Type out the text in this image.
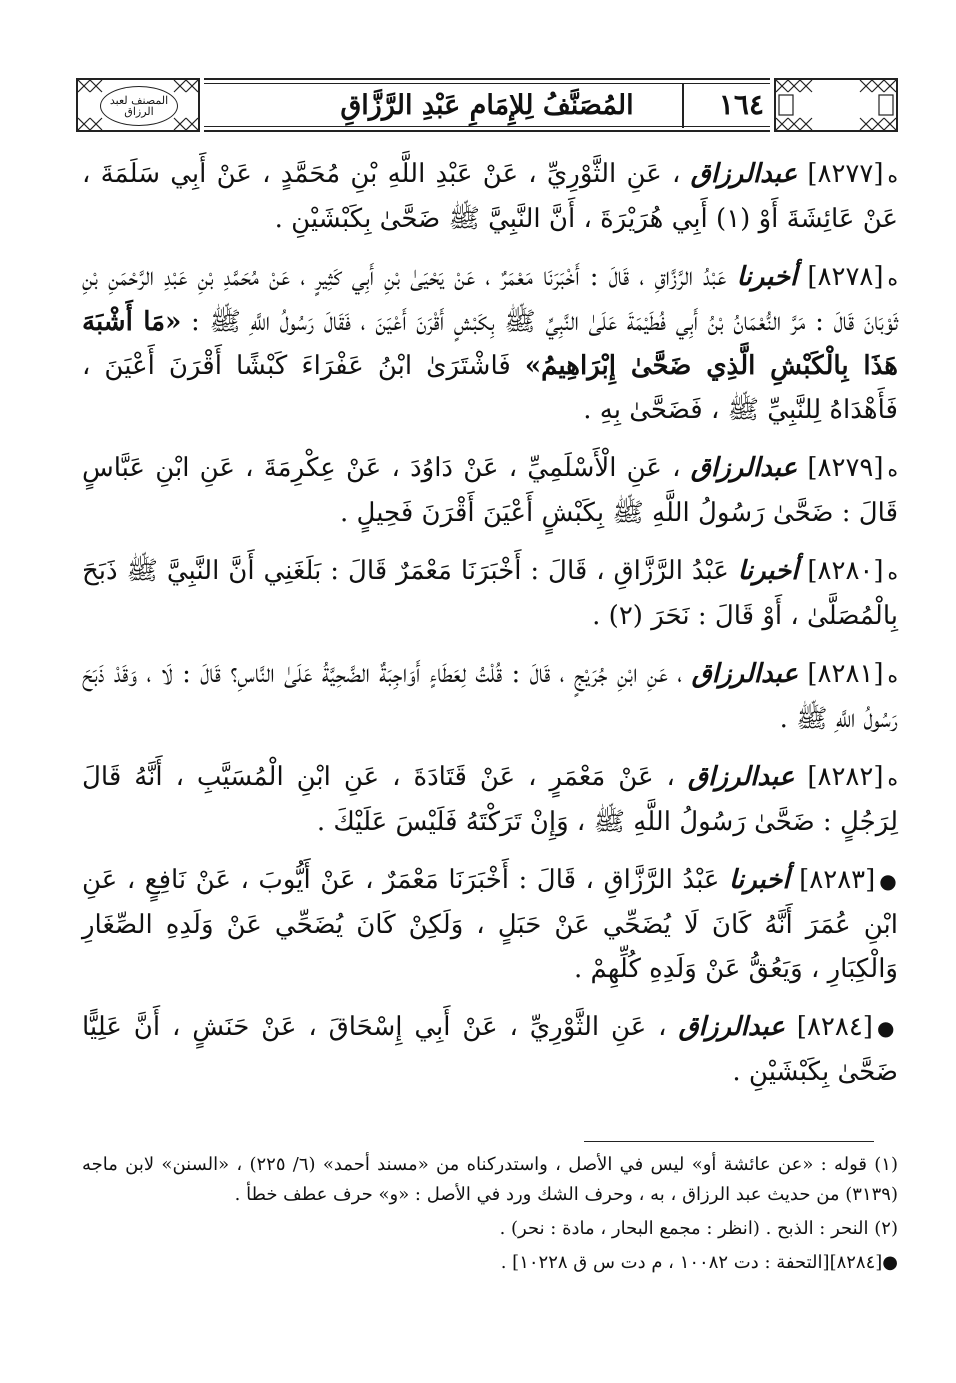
المُصَنَّفُ لِلإِمَامِ عَبْدِ الرَّزَّاقِ	١٦٤
المصنف لعبد الرزاق

ه[٨٢٧٧] عبدالرزاق ، عَنِ الثَّوْرِيِّ ، عَنْ عَبْدِ اللَّهِ بْنِ مُحَمَّدٍ ، عَنْ أَبِي سَلَمَةَ ، عَنْ عَائِشَةَ أَوْ (١) أَبِي هُرَيْرَةَ ، أَنَّ النَّبِيَّ ﷺ ضَحَّىٰ بِكَبْشَيْنِ .

ه[٨٢٧٨] أخبرنا عَبْدُ الرَّزَّاقِ ، قَالَ : أَخْبَرَنَا مَعْمَرٌ ، عَنْ يَحْيَىٰ بْنِ أَبِي كَثِيرٍ ، عَنْ مُحَمَّدِ بْنِ عَبْدِ الرَّحْمَنِ بْنِ ثَوْبَانَ قَالَ : مَرَّ النُّعْمَانُ بْنُ أَبِي فُطَيْمَةَ عَلَىٰ النَّبِيِّ ﷺ بِكَبْشٍ أَقْرَنَ أَعْيَنَ ، فَقَالَ رَسُولُ اللَّهِ ﷺ : «مَا أَشْبَهَ هَذَا بِالْكَبْشِ الَّذِي ضَحَّىٰ إِبْرَاهِيمُ» فَاشْتَرَىٰ ابْنُ عَفْرَاءَ كَبْشًا أَقْرَنَ أَعْيَنَ ، فَأَهْدَاهُ لِلنَّبِيِّ ﷺ ، فَضَحَّىٰ بِهِ .

ه[٨٢٧٩] عبدالرزاق ، عَنِ الْأَسْلَمِيِّ ، عَنْ دَاوُدَ ، عَنْ عِكْرِمَةَ ، عَنِ ابْنِ عَبَّاسٍ قَالَ : ضَحَّىٰ رَسُولُ اللَّهِ ﷺ بِكَبْشٍ أَعْيَنَ أَقْرَنَ فَحِيلٍ .

ه[٨٢٨٠] أخبرنا عَبْدُ الرَّزَّاقِ ، قَالَ : أَخْبَرَنَا مَعْمَرٌ قَالَ : بَلَغَنِي أَنَّ النَّبِيَّ ﷺ ذَبَحَ بِالْمُصَلَّىٰ ، أَوْ قَالَ : نَحَرَ (٢) .

ه[٨٢٨١] عبدالرزاق ، عَنِ ابْنِ جُرَيْجٍ ، قَالَ : قُلْتُ لِعَطَاءٍ أَوَاجِبَةٌ الضَّحِيَّةُ عَلَىٰ النَّاسِ؟ قَالَ : لَا ، وَقَدْ ذَبَحَ رَسُولُ اللَّهِ ﷺ .

ه[٨٢٨٢] عبدالرزاق ، عَنْ مَعْمَرٍ ، عَنْ قَتَادَةَ ، عَنِ ابْنِ الْمُسَيَّبِ ، أَنَّهُ قَالَ لِرَجُلٍ : ضَحَّىٰ رَسُولُ اللَّهِ ﷺ ، وَإِنْ تَرَكْتَهُ فَلَيْسَ عَلَيْكَ .

●[٨٢٨٣] أخبرنا عَبْدُ الرَّزَّاقِ ، قَالَ : أَخْبَرَنَا مَعْمَرٌ ، عَنْ أَيُّوبَ ، عَنْ نَافِعٍ ، عَنِ ابْنِ عُمَرَ أَنَّهُ كَانَ لَا يُضَحِّي عَنْ حَبَلٍ ، وَلَكِنْ كَانَ يُضَحِّي عَنْ وَلَدِهِ الصِّغَارِ وَالْكِبَارِ ، وَيَعُقُّ عَنْ وَلَدِهِ كُلِّهِمْ .

●[٨٢٨٤] عبدالرزاق ، عَنِ الثَّوْرِيِّ ، عَنْ أَبِي إِسْحَاقَ ، عَنْ حَنَشٍ ، أَنَّ عَلِيًّا ضَحَّىٰ بِكَبْشَيْنِ .

(١) قوله : «عن عائشة أو» ليس في الأصل ، واستدركناه من «مسند أحمد» (٦/ ٢٢٥) ، «السنن» لابن ماجه (٣١٣٩) من حديث عبد الرزاق ، به ، وحرف الشك ورد في الأصل : «و» حرف عطف خطأ .

(٢) النحر : الذبح . (انظر : مجمع البحار ، مادة : نحر) .

●[٨٢٨٤][التحفة : دت ١٠٠٨٢ ، م دت س ق ١٠٢٢٨] .
